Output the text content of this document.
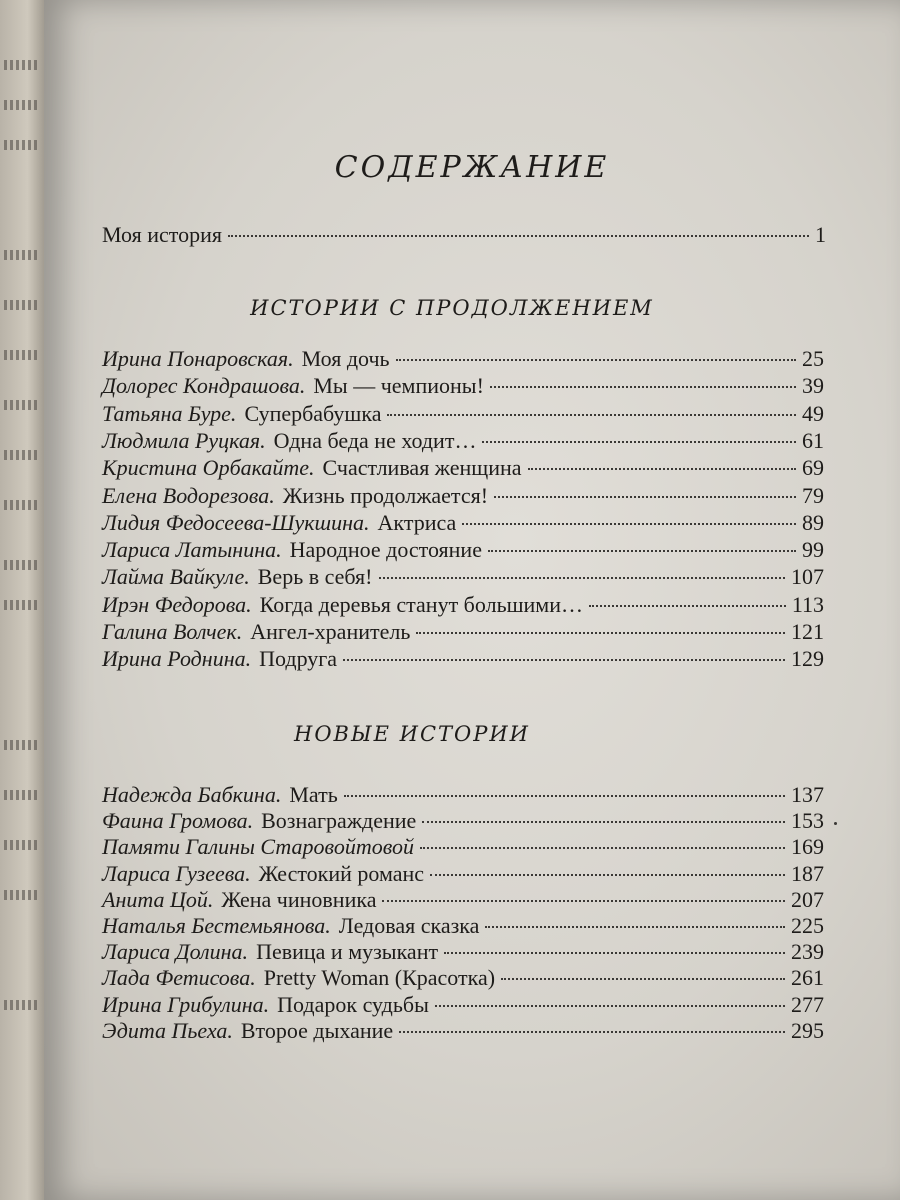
СОДЕРЖАНИЕ
Моя история	1
ИСТОРИИ С ПРОДОЛЖЕНИЕМ
Ирина Понаровская. Моя дочь	25
Долорес Кондрашова. Мы — чемпионы!	39
Татьяна Буре. Супербабушка	49
Людмила Руцкая. Одна беда не ходит…	61
Кристина Орбакайте. Счастливая женщина	69
Елена Водорезова. Жизнь продолжается!	79
Лидия Федосеева-Шукшина. Актриса	89
Лариса Латынина. Народное достояние	99
Лайма Вайкуле. Верь в себя!	107
Ирэн Федорова. Когда деревья станут большими…	113
Галина Волчек. Ангел-хранитель	121
Ирина Роднина. Подруга	129
НОВЫЕ ИСТОРИИ
Надежда Бабкина. Мать	137
Фаина Громова. Вознаграждение	153
Памяти Галины Старовойтовой	169
Лариса Гузеева. Жестокий романс	187
Анита Цой. Жена чиновника	207
Наталья Бестемьянова. Ледовая сказка	225
Лариса Долина. Певица и музыкант	239
Лада Фетисова. Pretty Woman (Красотка)	261
Ирина Грибулина. Подарок судьбы	277
Эдита Пьеха. Второе дыхание	295
